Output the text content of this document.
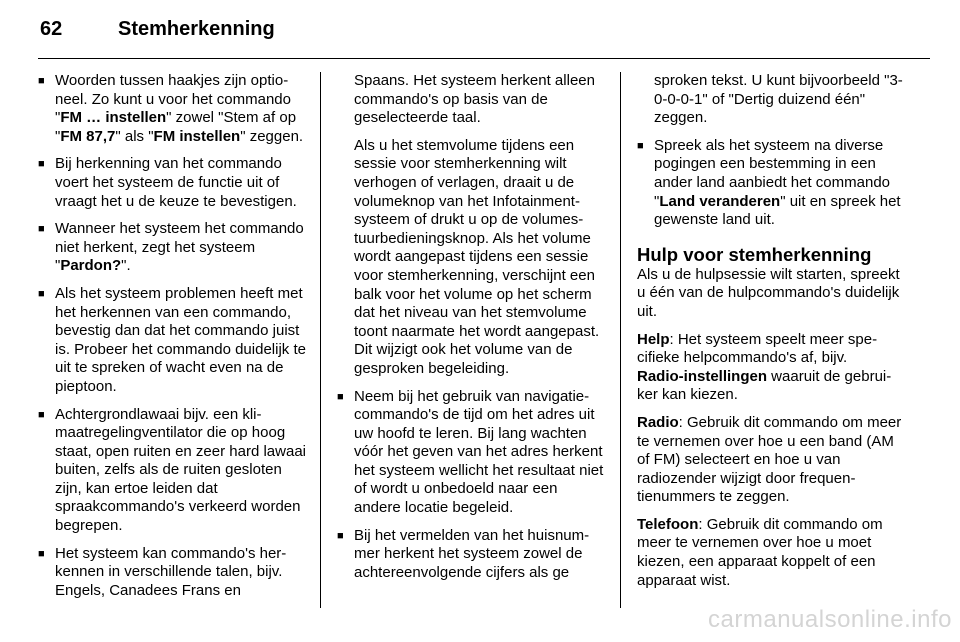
62	Stemherkenning
■ Woorden tussen haakjes zijn optioneel. Zo kunt u voor het commando "FM … instellen" zowel "Stem af op "FM 87,7" als "FM instellen" zeggen.
■ Bij herkenning van het commando voert het systeem de functie uit of vraagt het u de keuze te bevestigen.
■ Wanneer het systeem het commando niet herkent, zegt het systeem "Pardon?".
■ Als het systeem problemen heeft met het herkennen van een commando, bevestig dan dat het commando juist is. Probeer het commando duidelijk te uit te spreken of wacht even na de pieptoon.
■ Achtergrondlawaai bijv. een klimaatregelingventilator die op hoog staat, open ruiten en zeer hard lawaai buiten, zelfs als de ruiten gesloten zijn, kan ertoe leiden dat spraakcommando's verkeerd worden begrepen.
■ Het systeem kan commando's herkennen in verschillende talen, bijv. Engels, Canadees Frans en
Spaans. Het systeem herkent alleen commando's op basis van de geselecteerde taal.
Als u het stemvolume tijdens een sessie voor stemherkenning wilt verhogen of verlagen, draait u de volumeknop van het Infotainmentsysteem of drukt u op de volumestuurbedieningsknop. Als het volume wordt aangepast tijdens een sessie voor stemherkenning, verschijnt een balk voor het volume op het scherm dat het niveau van het stemvolume toont naarmate het wordt aangepast. Dit wijzigt ook het volume van de gesproken begeleiding.
■ Neem bij het gebruik van navigatiecommando's de tijd om het adres uit uw hoofd te leren. Bij lang wachten vóór het geven van het adres herkent het systeem wellicht het resultaat niet of wordt u onbedoeld naar een andere locatie begeleid.
■ Bij het vermelden van het huisnummer herkent het systeem zowel de achtereenvolgende cijfers als ge
sproken tekst. U kunt bijvoorbeeld "3-0-0-0-1" of "Dertig duizend één" zeggen.
■ Spreek als het systeem na diverse pogingen een bestemming in een ander land aanbiedt het commando "Land veranderen" uit en spreek het gewenste land uit.
Hulp voor stemherkenning
Als u de hulpsessie wilt starten, spreekt u één van de hulpcommando's duidelijk uit.
Help: Het systeem speelt meer specifieke helpcommando's af, bijv.
Radio-instellingen waaruit de gebruiker kan kiezen.
Radio: Gebruik dit commando om meer te vernemen over hoe u een band (AM of FM) selecteert en hoe u van radiozender wijzigt door frequentienummers te zeggen.
Telefoon: Gebruik dit commando om meer te vernemen over hoe u moet kiezen, een apparaat koppelt of een apparaat wist.
carmanualsonline.info
